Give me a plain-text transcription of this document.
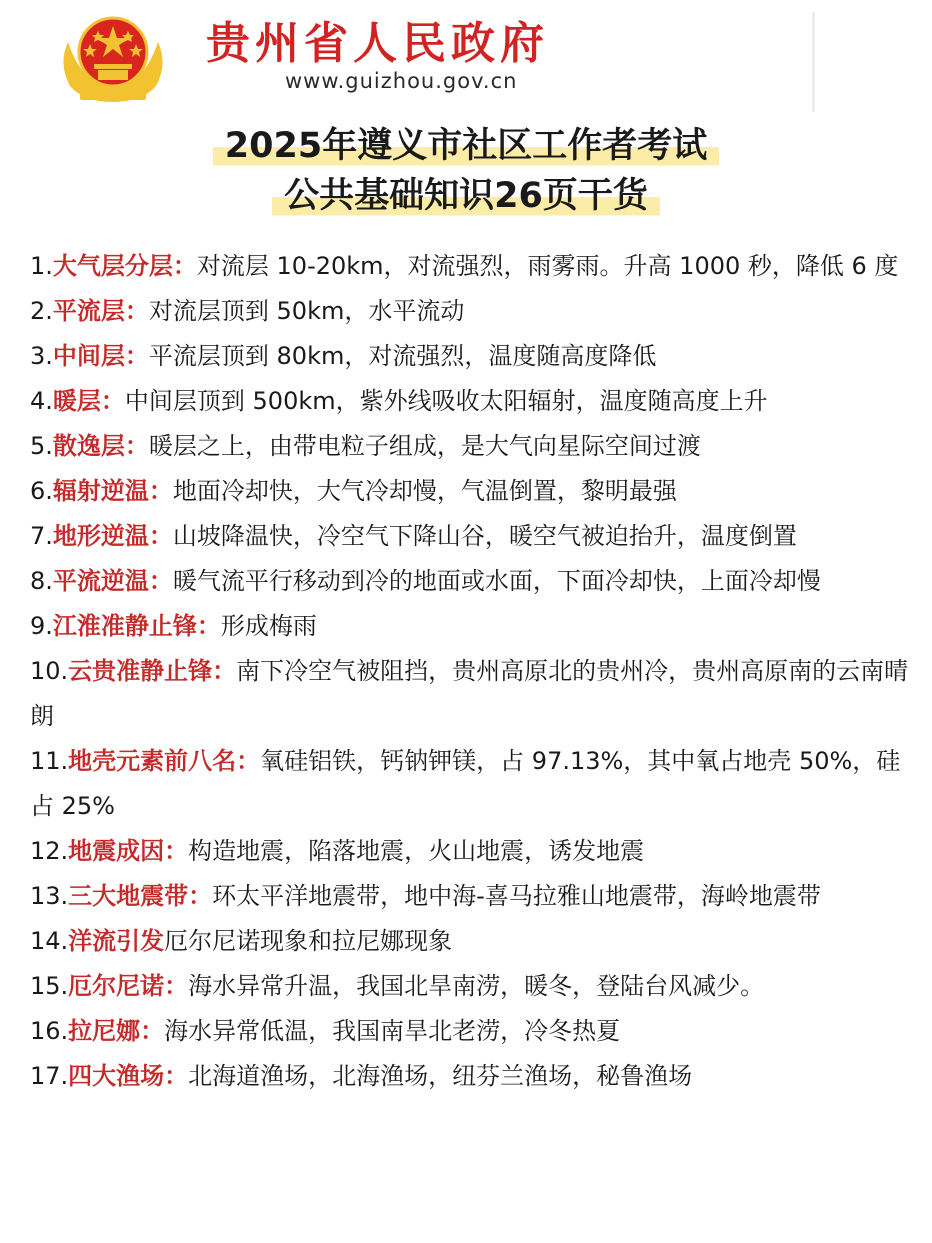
贵州省人民政府
www.guizhou.gov.cn
2025年遵义市社区工作者考试
公共基础知识26页干货

1.大气层分层：对流层 10-20km，对流强烈，雨雾雨。升高 1000 秒，降低 6 度

2.平流层：对流层顶到 50km，水平流动

3.中间层：平流层顶到 80km，对流强烈，温度随高度降低

4.暖层：中间层顶到 500km，紫外线吸收太阳辐射，温度随高度上升

5.散逸层：暖层之上，由带电粒子组成，是大气向星际空间过渡

6.辐射逆温：地面冷却快，大气冷却慢，气温倒置，黎明最强

7.地形逆温：山坡降温快，冷空气下降山谷，暖空气被迫抬升，温度倒置

8.平流逆温：暖气流平行移动到冷的地面或水面，下面冷却快，上面冷却慢

9.江淮准静止锋：形成梅雨

10.云贵准静止锋：南下冷空气被阻挡，贵州高原北的贵州冷，贵州高原南的云南晴朗

11.地壳元素前八名：氧硅铝铁，钙钠钾镁，占 97.13%，其中氧占地壳 50%，硅占 25%

12.地震成因：构造地震，陷落地震，火山地震，诱发地震

13.三大地震带：环太平洋地震带，地中海-喜马拉雅山地震带，海岭地震带

14.洋流引发厄尔尼诺现象和拉尼娜现象

15.厄尔尼诺：海水异常升温，我国北旱南涝，暖冬，登陆台风减少。

16.拉尼娜：海水异常低温，我国南旱北老涝，冷冬热夏

17.四大渔场：北海道渔场，北海渔场，纽芬兰渔场，秘鲁渔场
